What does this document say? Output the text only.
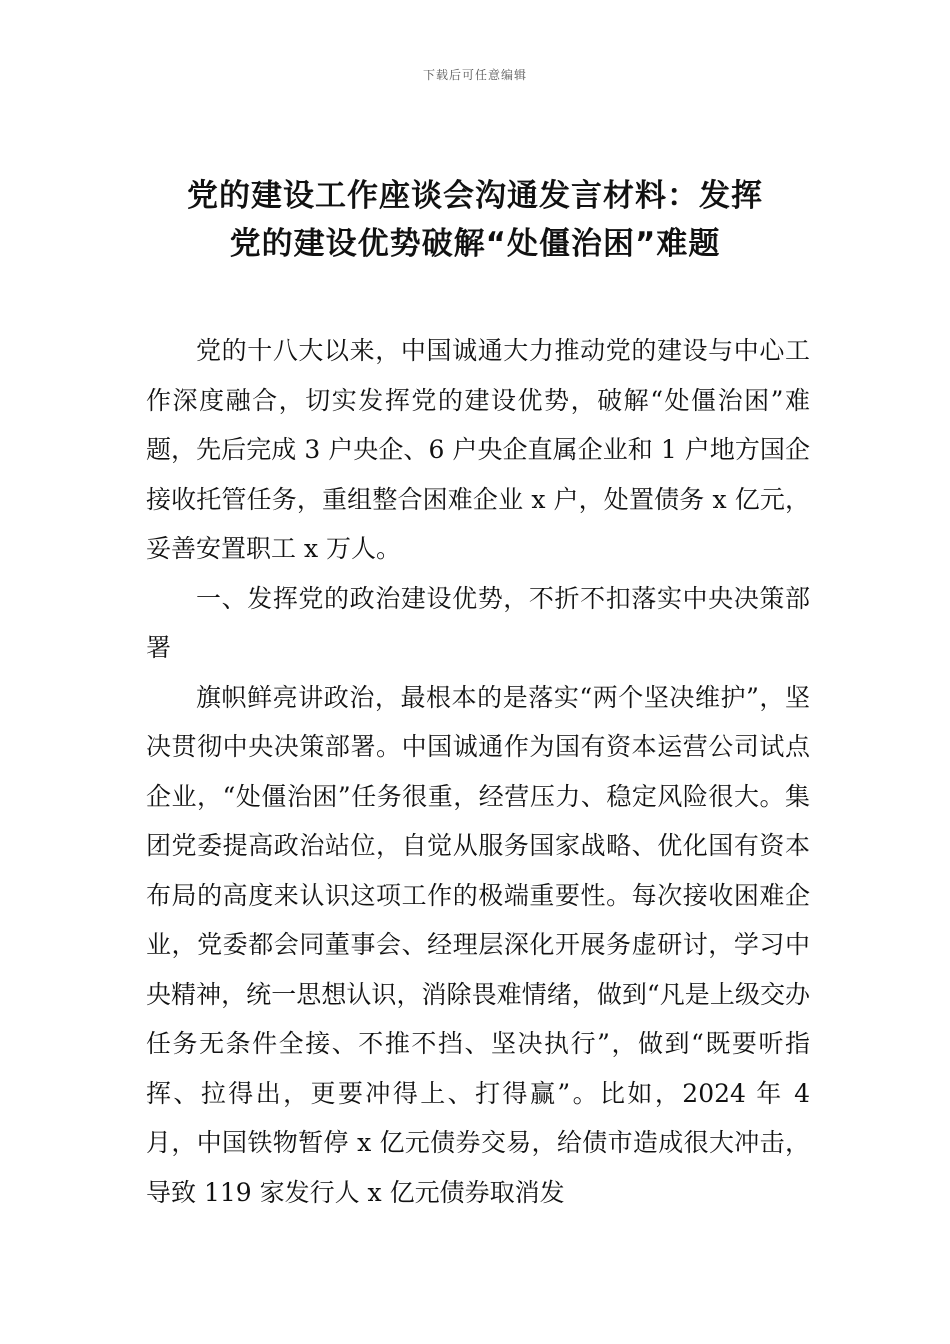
下载后可任意编辑
党的建设工作座谈会沟通发言材料：发挥
党的建设优势破解“处僵治困”难题

党的十八大以来，中国诚通大力推动党的建设与中心工作深度融合，切实发挥党的建设优势，破解“处僵治困”难题，先后完成 3 户央企、6 户央企直属企业和 1 户地方国企接收托管任务，重组整合困难企业 x 户，处置债务 x 亿元，妥善安置职工 x 万人。

一、发挥党的政治建设优势，不折不扣落实中央决策部署

旗帜鲜亮讲政治，最根本的是落实“两个坚决维护”，坚决贯彻中央决策部署。中国诚通作为国有资本运营公司试点企业，“处僵治困”任务很重，经营压力、稳定风险很大。集团党委提高政治站位，自觉从服务国家战略、优化国有资本布局的高度来认识这项工作的极端重要性。每次接收困难企业，党委都会同董事会、经理层深化开展务虚研讨，学习中央精神，统一思想认识，消除畏难情绪，做到“凡是上级交办任务无条件全接、不推不挡、坚决执行”，做到“既要听指挥、拉得出，更要冲得上、打得赢”。比如，2024 年 4 月，中国铁物暂停 x 亿元债券交易，给债市造成很大冲击，导致 119 家发行人 x 亿元债券取消发
